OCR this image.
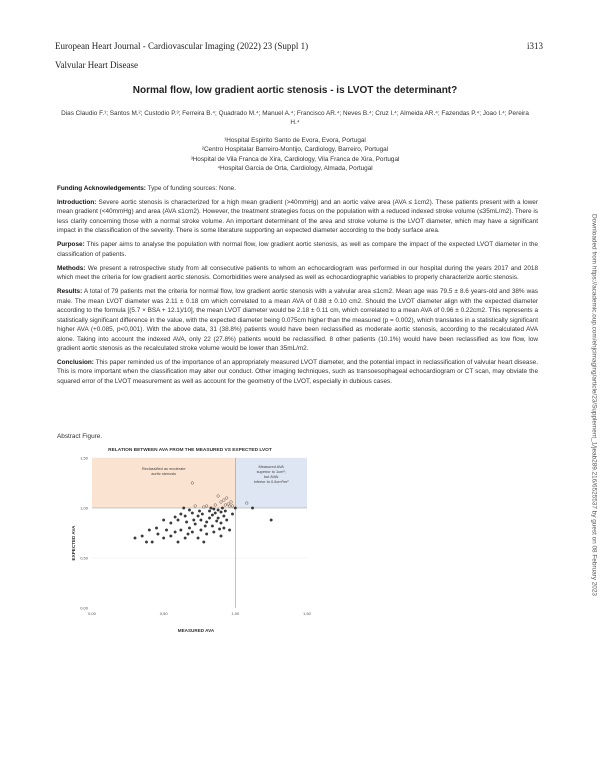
European Heart Journal - Cardiovascular Imaging (2022) 23 (Suppl 1)	i313
Valvular Heart Disease
Normal flow, low gradient aortic stenosis - is LVOT the determinant?
Dias Claudio F.¹; Santos M.²; Custodio P.³; Ferreira B.⁴; Quadrado M.⁴; Manuel A.⁴; Francisco AR.⁴; Neves B.⁴; Cruz I.⁴; Almeida AR.⁴; Fazendas P.⁴; Joao I.⁴; Pereira H.⁴
¹Hospital Espirito Santo de Evora, Evora, Portugal
²Centro Hospitalar Barreiro-Montijo, Cardiology, Barreiro, Portugal
³Hospital de Vila Franca de Xira, Cardiology, Vila Franca de Xira, Portugal
⁴Hospital Garcia de Orta, Cardiology, Almada, Portugal

Funding Acknowledgements: Type of funding sources: None.

Introduction: Severe aortic stenosis is characterized for a high mean gradient (>40mmHg) and an aortic valve area (AVA ≤ 1cm2). These patients present with a lower mean gradient (<40mmHg) and area (AVA ≤1cm2). However, the treatment strategies focus on the population with a reduced indexed stroke volume (≤35mL/m2). There is less clarity concerning those with a normal stroke volume. An important determinant of the area and stroke volume is the LVOT diameter, which may have a significant impact in the classification of the severity. There is some literature supporting an expected diameter according to the body surface area.

Purpose: This paper aims to analyse the population with normal flow, low gradient aortic stenosis, as well as compare the impact of the expected LVOT diameter in the classification of patients.

Methods: We present a retrospective study from all consecutive patients to whom an echocardiogram was performed in our hospital during the years 2017 and 2018 which meet the criteria for low gradient aortic stenosis. Comorbidities were analysed as well as echocardiographic variables to properly characterize aortic stenosis.

Results: A total of 79 patients met the criteria for normal flow, low gradient aortic stenosis with a valvular area ≤1cm2. Mean age was 79.5 ± 8.6 years-old and 38% was male. The mean LVOT diameter was 2.11 ± 0.18 cm which correlated to a mean AVA of 0.88 ± 0.10 cm2. Should the LVOT diameter align with the expected diameter according to the formula [(5.7 × BSA + 12.1)/10], the mean LVOT diameter would be 2.18 ± 0.11 cm, which correlated to a mean AVA of 0.96 ± 0.22cm2. This represents a statistically significant difference in the value, with the expected diameter being 0.075cm higher than the measured (p = 0.002), which translates in a statistically significant higher AVA (+0.085, p<0,001). With the above data, 31 (38.8%) patients would have been reclassified as moderate aortic stenosis, according to the recalculated AVA alone. Taking into account the indexed AVA, only 22 (27.8%) patients would be reclassified. 8 other patients (10.1%) would have been reclassified as low flow, low gradient aortic stenosis as the recalculated stroke volume would be lower than 35mL/m2.

Conclusion: This paper reminded us of the importance of an appropriately measured LVOT diameter, and the potential impact in reclassification of valvular heart disease. This is more important when the classification may alter our conduct. Other imaging techniques, such as transoesophageal echocardiogram or CT scan, may obviate the squared error of the LVOT measurement as well as account for the geometry of the LVOT, especially in dubious cases.

Abstract Figure.	Downloaded from https://academic.oup.com/ehjcimaging/article/23/Supplement_1/jeab289.216/6525537 by guest on 08 February 2023
RELATION BETWEEN AVA FROM THE MEASURED VS EXPECTED LVOT
Reclassified as moderate
aortic stenosis
Measured AVA
superior to 1cm²;
but AVAi
inferior to 0.6cm²/m²
0,00
0,50
1,00
1,50
0,00	0,50	1,00	1,50
MEASURED AVA
EXPECTED AVA
